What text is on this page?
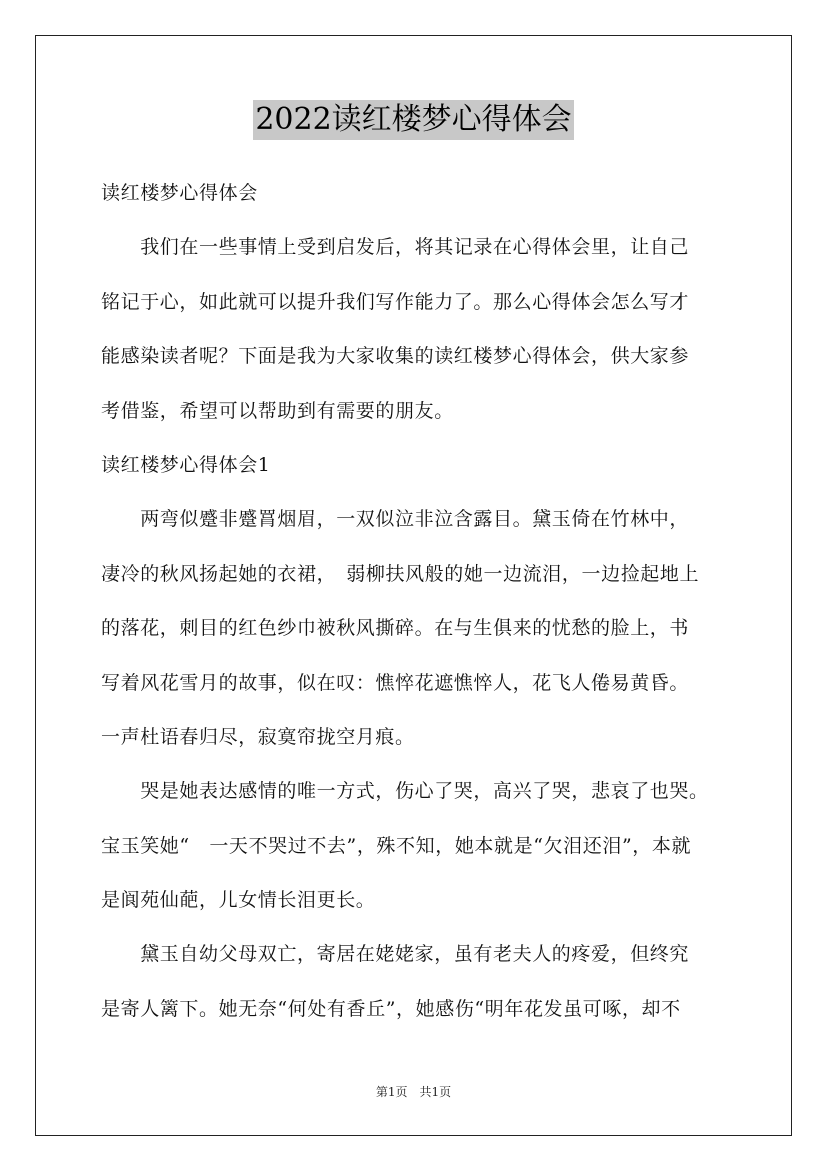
2022读红楼梦心得体会
读红楼梦心得体会
　　我们在一些事情上受到启发后，将其记录在心得体会里，让自己
铭记于心，如此就可以提升我们写作能力了。那么心得体会怎么写才
能感染读者呢？下面是我为大家收集的读红楼梦心得体会，供大家参
考借鉴，希望可以帮助到有需要的朋友。
读红楼梦心得体会1
　　两弯似蹙非蹙罥烟眉，一双似泣非泣含露目。黛玉倚在竹林中，
凄冷的秋风扬起她的衣裙，　弱柳扶风般的她一边流泪，一边捡起地上
的落花，刺目的红色纱巾被秋风撕碎。在与生俱来的忧愁的脸上，书
写着风花雪月的故事，似在叹：憔悴花遮憔悴人，花飞人倦易黄昏。
一声杜语春归尽，寂寞帘拢空月痕。
　　哭是她表达感情的唯一方式，伤心了哭，高兴了哭，悲哀了也哭。
宝玉笑她“　一天不哭过不去”，殊不知，她本就是“欠泪还泪”，本就
是阆苑仙葩，儿女情长泪更长。
　　黛玉自幼父母双亡，寄居在姥姥家，虽有老夫人的疼爱，但终究
是寄人篱下。她无奈“何处有香丘”，她感伤“明年花发虽可啄，却不
第1页　共1页
